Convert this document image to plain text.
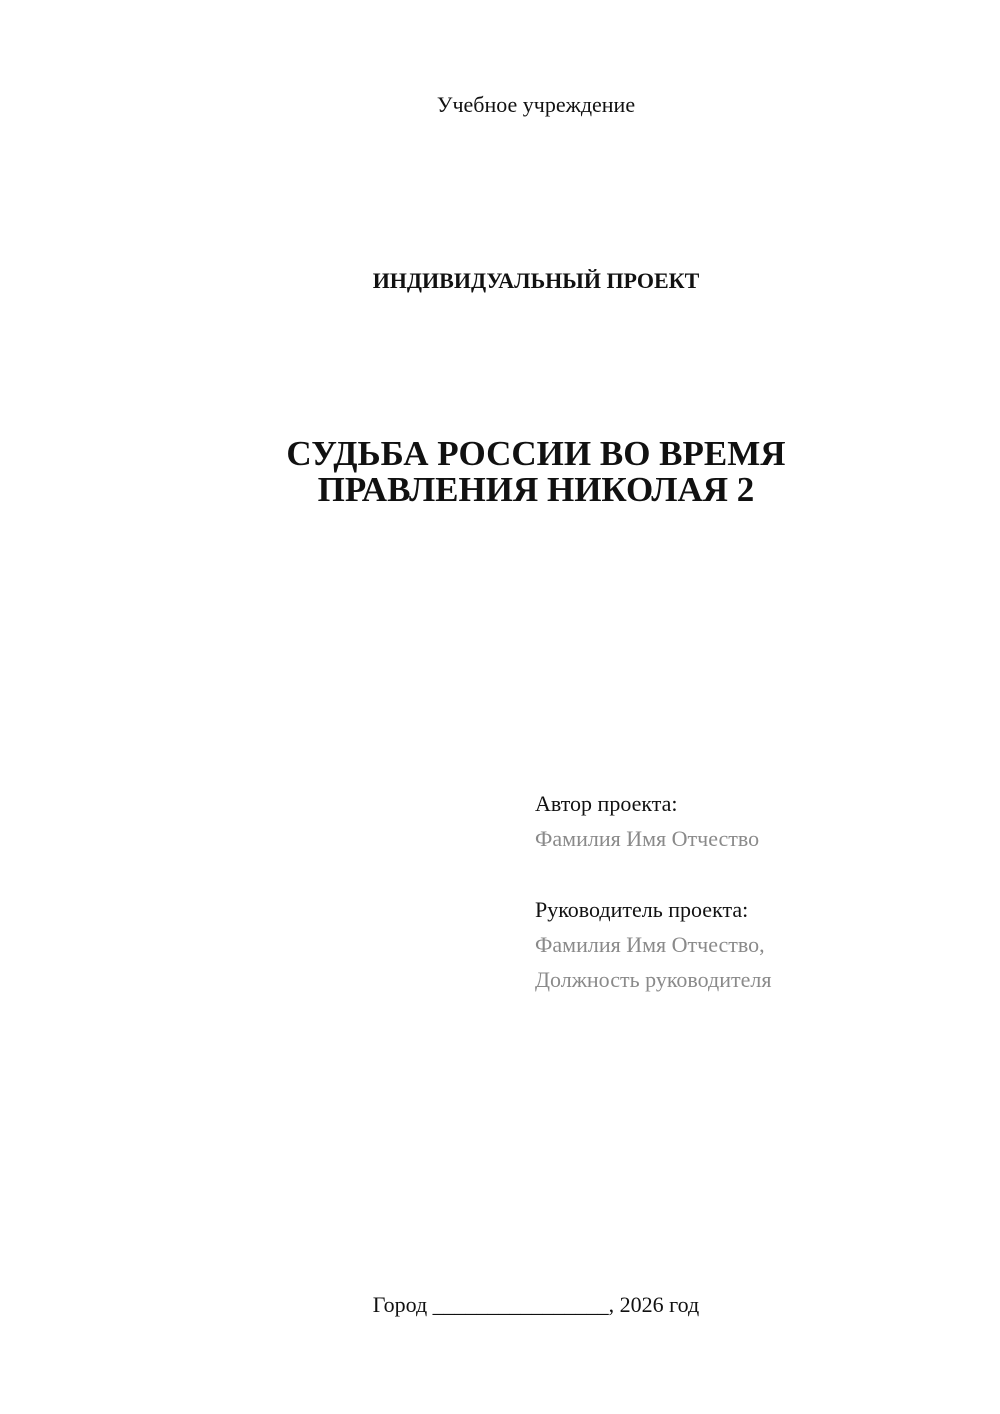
Учебное учреждение
ИНДИВИДУАЛЬНЫЙ ПРОЕКТ
СУДЬБА РОССИИ ВО ВРЕМЯ
ПРАВЛЕНИЯ НИКОЛАЯ 2
Автор проекта:
Фамилия Имя Отчество
Руководитель проекта:
Фамилия Имя Отчество,
Должность руководителя
Город ________________, 2026 год
